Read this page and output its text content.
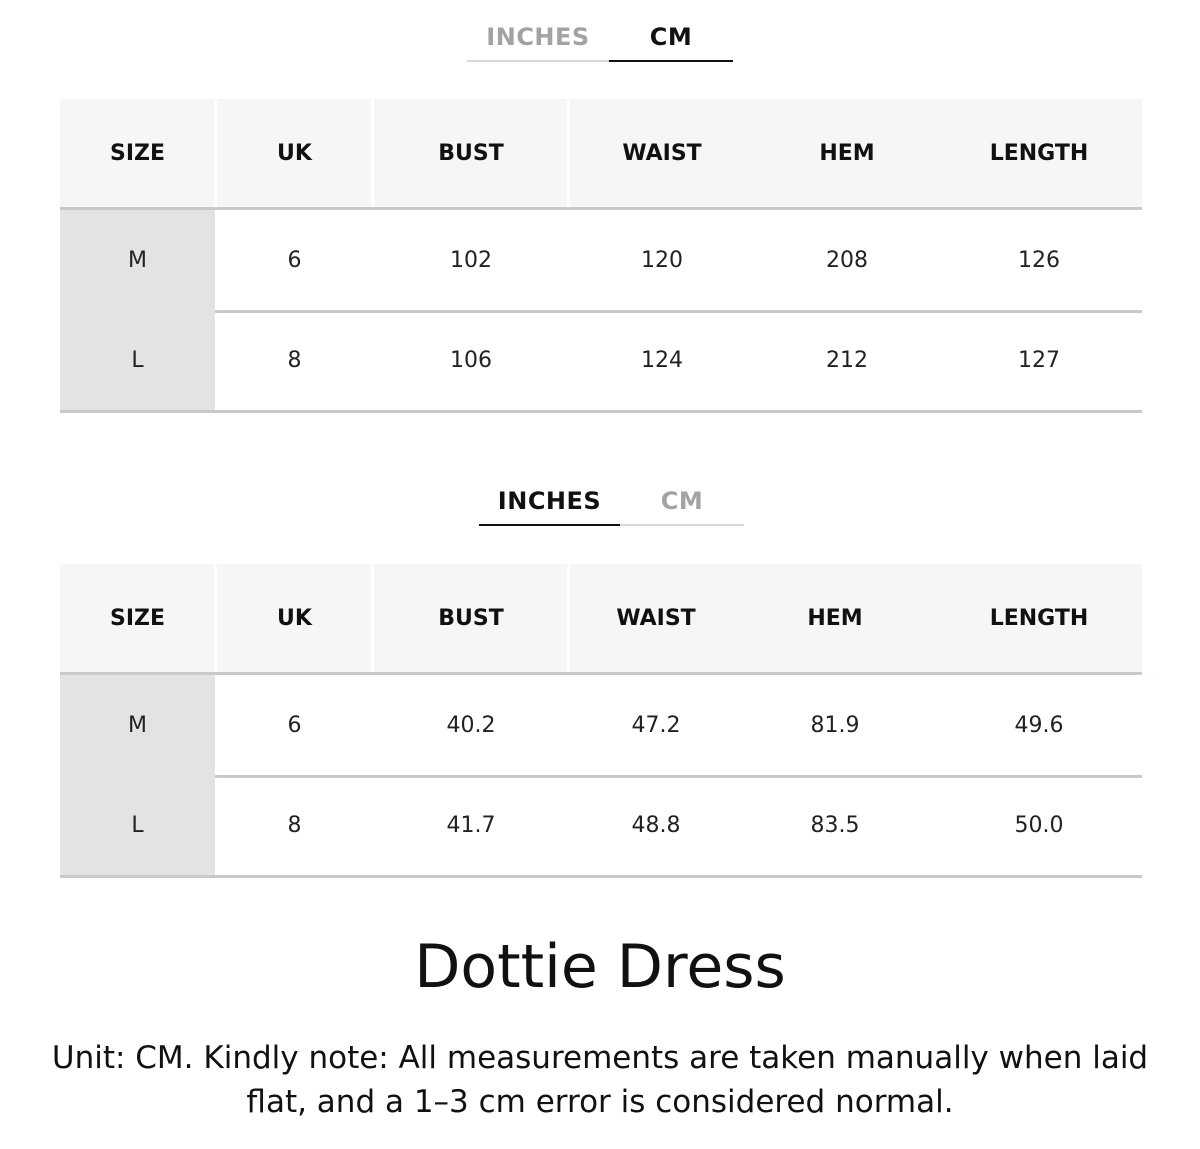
INCHES	CM
SIZE	UK	BUST	WAIST	HEM	LENGTH
M	6	102	120	208	126
L	8	106	124	212	127
INCHES	CM
SIZE	UK	BUST	WAIST	HEM	LENGTH
M	6	40.2	47.2	81.9	49.6
L	8	41.7	48.8	83.5	50.0
Dottie Dress
Unit: CM. Kindly note: All measurements are taken manually when laid flat, and a 1–3 cm error is considered normal.
